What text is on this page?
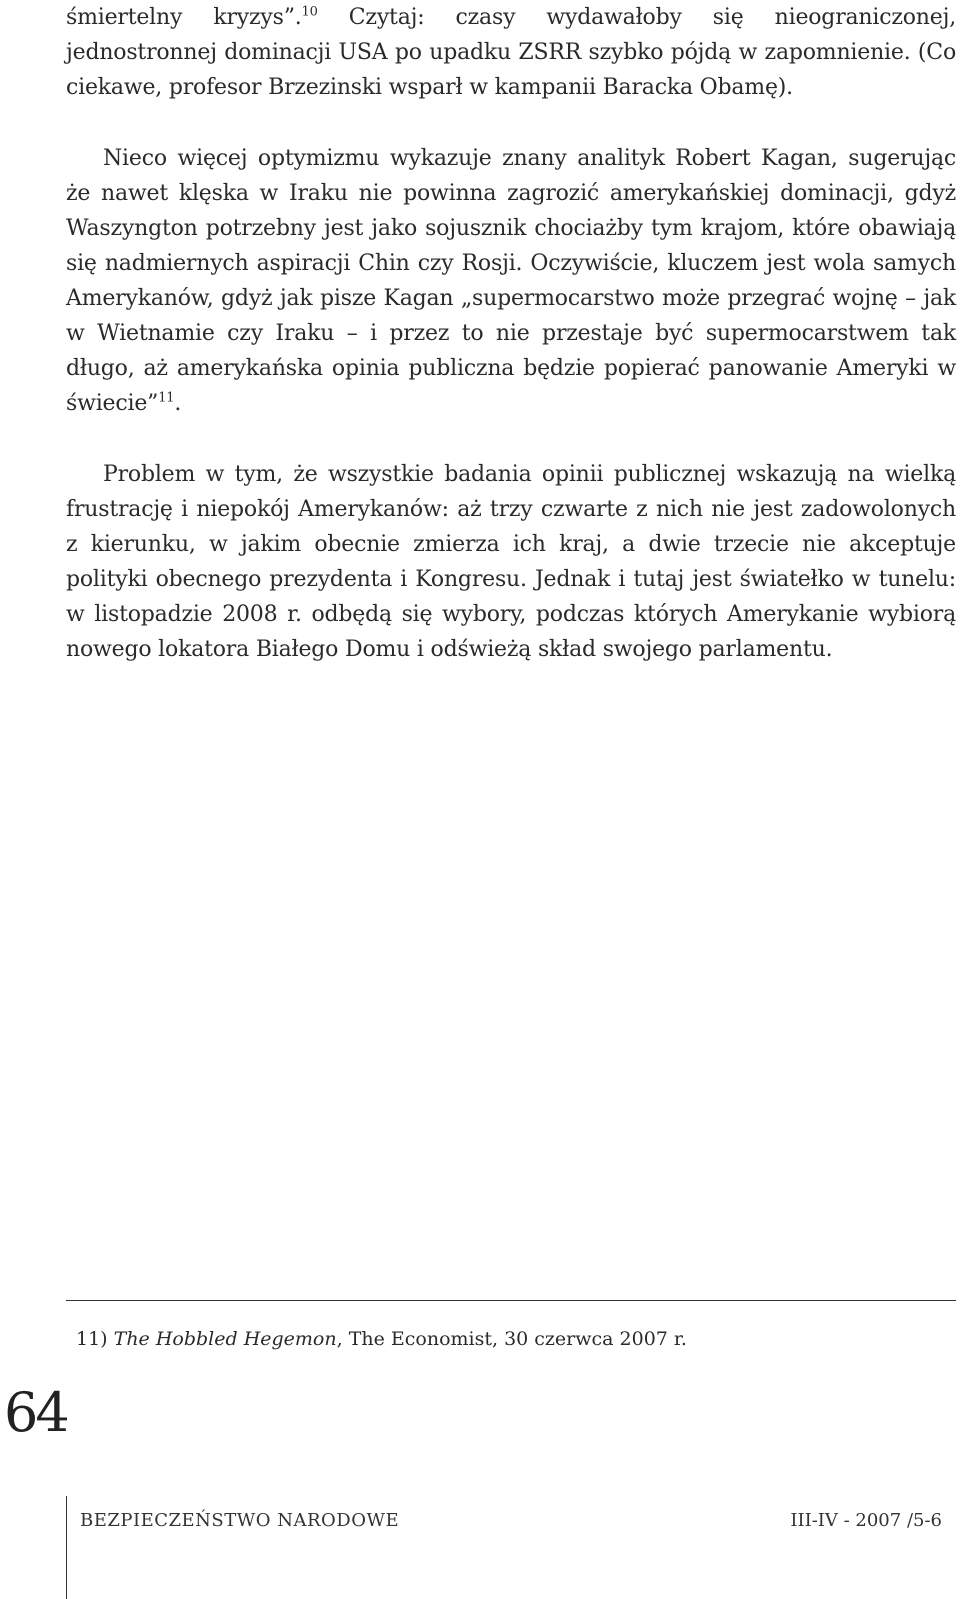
śmiertelny kryzys”.$^{10}$ Czytaj: czasy wydawałoby się nieograniczonej, jednostronnej dominacji USA po upadku ZSRR szybko pójdą w zapomnienie. (Co ciekawe, profesor Brzezinski wsparł w kampanii Baracka Obamę).

Nieco więcej optymizmu wykazuje znany analityk Robert Kagan, sugerując że nawet klęska w Iraku nie powinna zagrozić amerykańskiej dominacji, gdyż Waszyngton potrzebny jest jako sojusznik chociażby tym krajom, które obawiają się nadmiernych aspiracji Chin czy Rosji. Oczywiście, kluczem jest wola samych Amerykanów, gdyż jak pisze Kagan „supermocarstwo może przegrać wojnę – jak w Wietnamie czy Iraku – i przez to nie przestaje być supermocarstwem tak długo, aż amerykańska opinia publiczna będzie popierać panowanie Ameryki w świecie”$^{11}$.

Problem w tym, że wszystkie badania opinii publicznej wskazują na wielką frustrację i niepokój Amerykanów: aż trzy czwarte z nich nie jest zadowolonych z kierunku, w jakim obecnie zmierza ich kraj, a dwie trzecie nie akceptuje polityki obecnego prezydenta i Kongresu. Jednak i tutaj jest światełko w tunelu: w listopadzie 2008 r. odbędą się wybory, podczas których Amerykanie wybiorą nowego lokatora Białego Domu i odświeżą skład swojego parlamentu.

11) The Hobbled Hegemon, The Economist, 30 czerwca 2007 r.

64
BEZPIECZEŃSTWO NARODOWE	III-IV - 2007 /5-6
